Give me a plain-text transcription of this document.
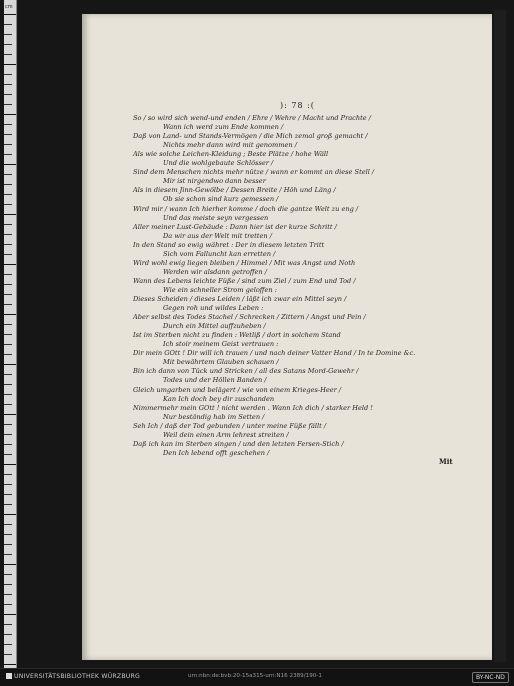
cm
): 78 :(
So / so wird sich wend-und enden / Ehre / Wehre / Macht und Prachte /
Wann ich werd zum Ende kommen /
Daß von Land- und Stands-Vermögen / die Mich zemal groß gemacht /
Nichts mehr dann wird mit genommen /
Als wie solche Leichen-Kleidung ; Beste Plätze / hohe Wäll
Und die wohlgebaute Schlösser /
Sind dem Menschen nichts mehr nütze / wann er kommt an diese Stell /
Mir ist nirgendwo dann besser
Als in diesem Jinn-Gewölbe / Dessen Breite / Höh und Läng /
Ob sie schon sind kurz gemessen /
Wird mir / wann Ich hierher komme / doch die gantze Welt zu eng /
Und das meiste seyn vergessen
Aller meiner Lust-Gebäude : Dann hier ist der kurze Schritt /
Da wir aus der Welt mit tretten /
In den Stand so ewig währet : Der in diesem letzten Tritt
Sich vom Falluncht kan erretten /
Wird wohl ewig liegen bleiben / Himmel / Mit was Angst und Noth
Werden wir alsdann getroffen /
Wann des Lebens leichte Füße / sind zum Ziel / zum End und Tod /
Wie ein schneller Strom geloffen :
Dieses Scheiden / dieses Leiden / läßt ich zwar ein Mittel seyn /
Gegen roh und wildes Leben :
Aber selbst des Todes Stachel / Schrecken / Zittern / Angst und Pein /
Durch ein Mittel auffzuheben /
Ist im Sterben nicht zu finden : Wetliß / dort in solchem Stand
Ich stoir meinem Geist vertrauen :
Dir mein GOtt ! Dir will ich trauen / und nach deiner Vatter Hand / In te Domine &c.
Mit bewährtem Glauben schauen /
Bin ich dann von Tück und Stricken / all des Satans Mord-Gewehr /
Todes und der Höllen Banden /
Gleich umgarben und belägert / wie von einem Krieges-Heer /
Kan Ich doch bey dir zuschanden
Nimmermehr mein GOtt ! nicht werden . Wann Ich dich / starker Held !
Nur beständig hab im Setten /
Seh Ich / daß der Tod gebunden / unter meine Füße fällt /
Weil dein einen Arm lehrest streiten /
Daß ich kan im Sterben singen / und den letzten Fersen-Stich /
Den Ich lebend offt geschehen /
Mit
UNIVERSITÄTSBIBLIOTHEK WÜRZBURG	urn:nbn:de:bvb:20-15a315-urn:N16 2389/190-1	BY-NC-ND
